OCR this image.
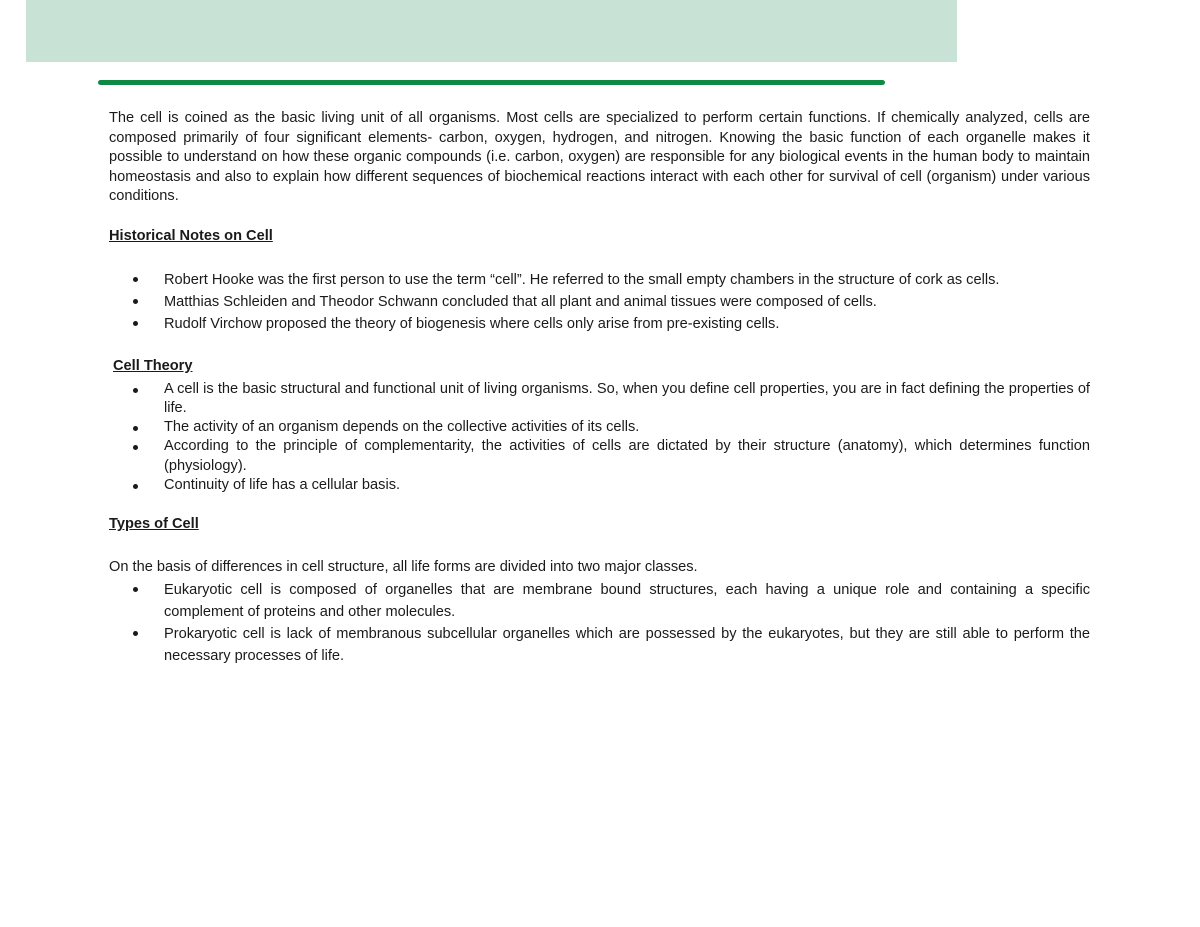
The cell is coined as the basic living unit of all organisms. Most cells are specialized to perform certain functions. If chemically analyzed, cells are composed primarily of four significant elements- carbon, oxygen, hydrogen, and nitrogen. Knowing the basic function of each organelle makes it possible to understand on how these organic compounds (i.e. carbon, oxygen) are responsible for any biological events in the human body to maintain homeostasis and also to explain how different sequences of biochemical reactions interact with each other for survival of cell (organism) under various conditions.

Historical Notes on Cell

Robert Hooke was the first person to use the term “cell”. He referred to the small empty chambers in the structure of cork as cells.
Matthias Schleiden and Theodor Schwann concluded that all plant and animal tissues were composed of cells.
Rudolf Virchow proposed the theory of biogenesis where cells only arise from pre-existing cells.

Cell Theory

A cell is the basic structural and functional unit of living organisms. So, when you define cell properties, you are in fact defining the properties of life.
The activity of an organism depends on the collective activities of its cells.
According to the principle of complementarity, the activities of cells are dictated by their structure (anatomy), which determines function (physiology).
Continuity of life has a cellular basis.

Types of Cell

On the basis of differences in cell structure, all life forms are divided into two major classes.

Eukaryotic cell is composed of organelles that are membrane bound structures, each having a unique role and containing a specific complement of proteins and other molecules.
Prokaryotic cell is lack of membranous subcellular organelles which are possessed by the eukaryotes, but they are still able to perform the necessary processes of life.
